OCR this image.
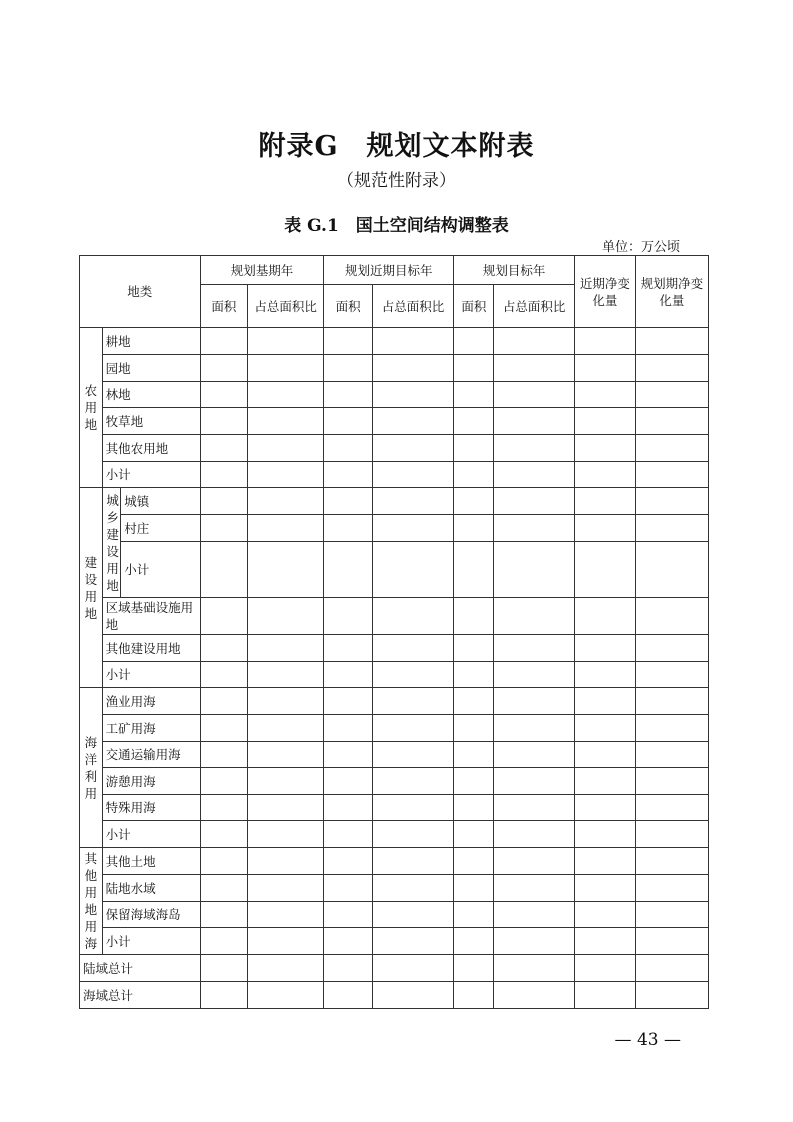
附录G　规划文本附表
（规范性附录）
表 G.1　国土空间结构调整表
单位：万公顷
地类			规划基期年		规划近期目标年		规划目标年		近期净变化量	规划期净变化量
			面积	占总面积比	面积	占总面积比	面积	占总面积比		
农用地	耕地									
	园地									
	林地									
	牧草地									
	其他农用地									
	小计									
建设用地	城乡建设用地	城镇								
		村庄								
		小计								
	区域基础设施用地									
	其他建设用地									
	小计									
海洋利用	渔业用海									
	工矿用海									
	交通运输用海									
	游憩用海									
	特殊用海									
	小计									
其他用地用海	其他土地									
	陆地水域									
	保留海域海岛									
	小计									
陆域总计										
海域总计										
— 43 —
